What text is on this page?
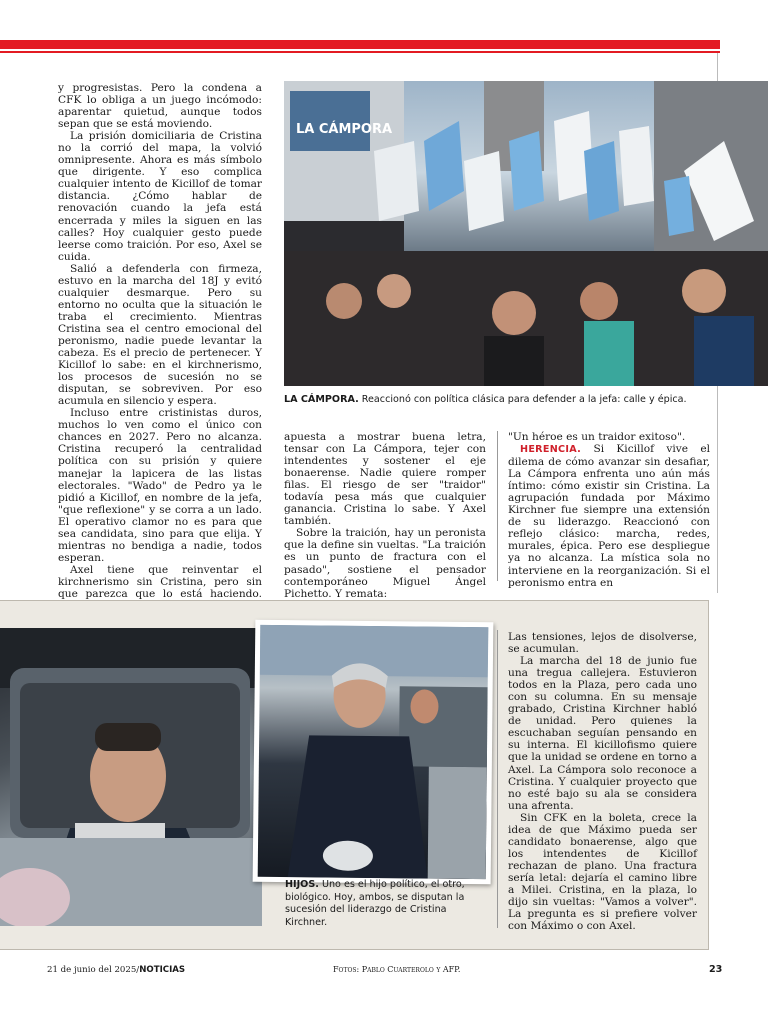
y progresistas. Pero la condena a CFK lo obliga a un juego incómodo: aparentar quietud, aunque todos sepan que se está moviendo.

La prisión domiciliaria de Cristina no la corrió del mapa, la volvió omnipresente. Ahora es más símbolo que dirigente. Y eso complica cualquier intento de Kicillof de tomar distancia. ¿Cómo hablar de renovación cuando la jefa está encerrada y miles la siguen en las calles? Hoy cualquier gesto puede leerse como traición. Por eso, Axel se cuida.

Salió a defenderla con firmeza, estuvo en la marcha del 18J y evitó cualquier desmarque. Pero su entorno no oculta que la situación le traba el crecimiento. Mientras Cristina sea el centro emocional del peronismo, nadie puede levantar la cabeza. Es el precio de pertenecer. Y Kicillof lo sabe: en el kirchnerismo, los procesos de sucesión no se disputan, se sobreviven. Por eso acumula en silencio y espera.

Incluso entre cristinistas duros, muchos lo ven como el único con chances en 2027. Pero no alcanza. Cristina recuperó la centralidad política con su prisión y quiere manejar la lapicera de las listas electorales. "Wado" de Pedro ya le pidió a Kicillof, en nombre de la jefa, "que reflexione" y se corra a un lado. El operativo clamor no es para que sea candidata, sino para que elija. Y mientras no bendiga a nadie, todos esperan.

Axel tiene que reinventar el kirchnerismo sin Cristina, pero sin que parezca que lo está haciendo.

LA CÁMPORA
LA CÁMPORA. Reaccionó con política clásica para defender a la jefa: calle y épica.

apuesta a mostrar buena letra, tensar con La Cámpora, tejer con intendentes y sostener el eje bonaerense. Nadie quiere romper filas. El riesgo de ser "traidor" todavía pesa más que cualquier ganancia. Cristina lo sabe. Y Axel también.

Sobre la traición, hay un peronista que la define sin vueltas. "La traición es un punto de fractura con el pasado", sostiene el pensador contemporáneo Miguel Ángel Pichetto. Y remata:

"Un héroe es un traidor exitoso".

HERENCIA. Si Kicillof vive el dilema de cómo avanzar sin desafiar, La Cámpora enfrenta uno aún más íntimo: cómo existir sin Cristina. La agrupación fundada por Máximo Kirchner fue siempre una extensión de su liderazgo. Reaccionó con reflejo clásico: marcha, redes, murales, épica. Pero ese despliegue ya no alcanza. La mística sola no interviene en la reorganización. Si el peronismo entra en

HIJOS. Uno es el hijo político, el otro, biológico. Hoy, ambos, se disputan la sucesión del liderazgo de Cristina Kirchner.

Las tensiones, lejos de disolverse, se acumulan.

La marcha del 18 de junio fue una tregua callejera. Estuvieron todos en la Plaza, pero cada uno con su columna. En su mensaje grabado, Cristina Kirchner habló de unidad. Pero quienes la escuchaban seguían pensando en su interna. El kicillofismo quiere que la unidad se ordene en torno a Axel. La Cámpora solo reconoce a Cristina. Y cualquier proyecto que no esté bajo su ala se considera una afrenta.

Sin CFK en la boleta, crece la idea de que Máximo pueda ser candidato bonaerense, algo que los intendentes de Kicillof rechazan de plano. Una fractura sería letal: dejaría el camino libre a Milei. Cristina, en la plaza, lo dijo sin vueltas: "Vamos a volver". La pregunta es si prefiere volver con Máximo o con Axel.

21 de junio del 2025/NOTICIAS	Fotos: Pablo Cuarterolo y AFP.	23
